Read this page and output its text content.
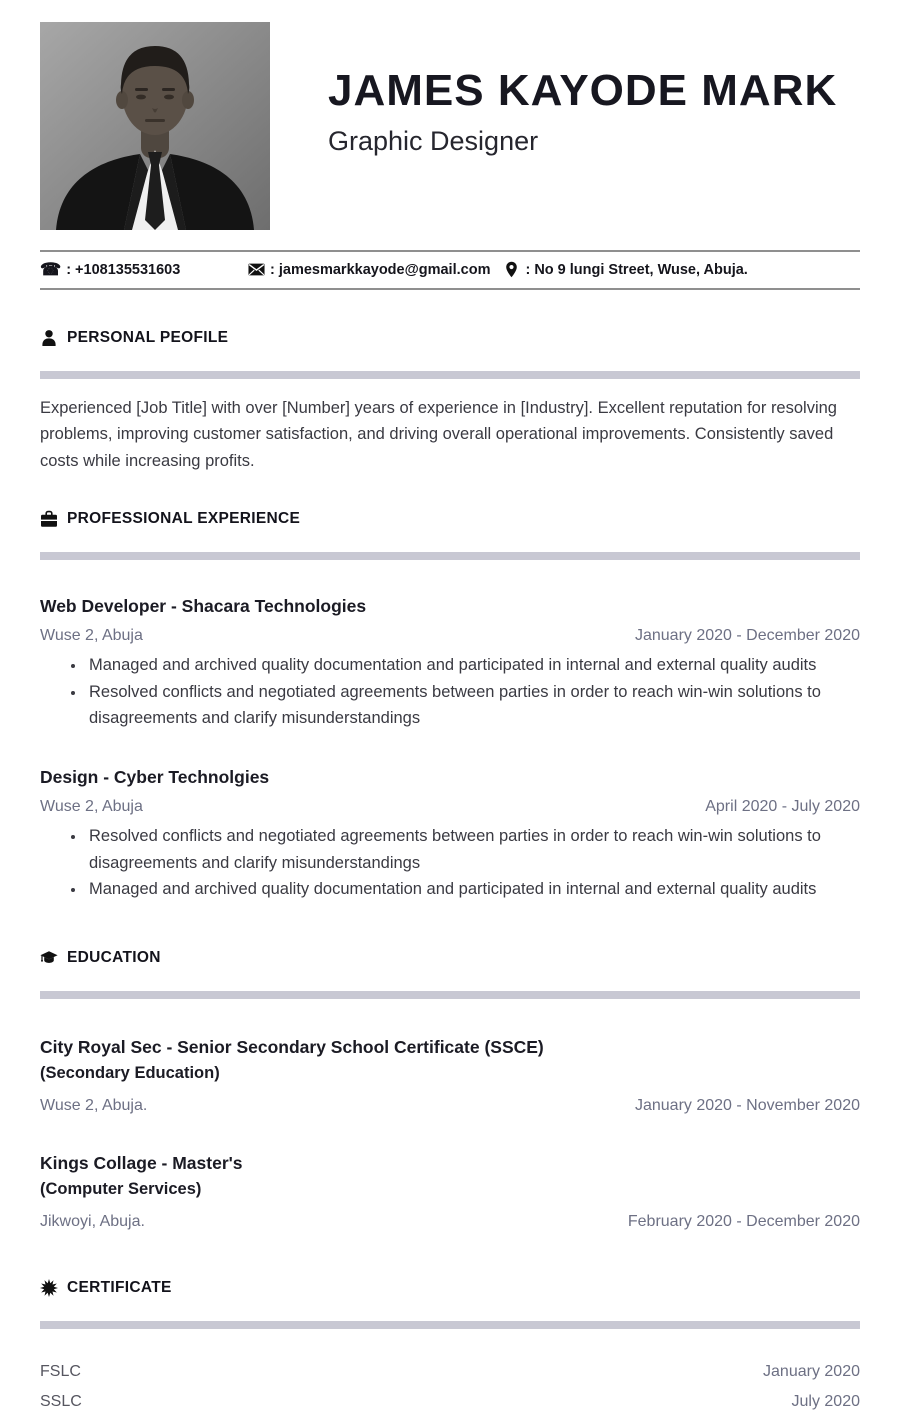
JAMES KAYODE MARK
Graphic Designer
☎ : +108135531603	: jamesmarkkayode@gmail.com : No 9 lungi Street, Wuse, Abuja.
PERSONAL PEOFILE

Experienced [Job Title] with over [Number] years of experience in [Industry]. Excellent reputation for resolving problems, improving customer satisfaction, and driving overall operational improvements. Consistently saved costs while increasing profits.

PROFESSIONAL EXPERIENCE
Web Developer - Shacara Technologies
Wuse 2, Abuja	January 2020 - December 2020
• Managed and archived quality documentation and participated in internal and external quality audits
• Resolved conflicts and negotiated agreements between parties in order to reach win-win solutions to disagreements and clarify misunderstandings
Design - Cyber Technolgies
Wuse 2, Abuja	April 2020 - July 2020
• Resolved conflicts and negotiated agreements between parties in order to reach win-win solutions to disagreements and clarify misunderstandings
• Managed and archived quality documentation and participated in internal and external quality audits
EDUCATION
City Royal Sec - Senior Secondary School Certificate (SSCE)
(Secondary Education)
Wuse 2, Abuja.	January 2020 - November 2020
Kings Collage - Master's
(Computer Services)
Jikwoyi, Abuja.	February 2020 - December 2020
CERTIFICATE
FSLC	January 2020
SSLC	July 2020
